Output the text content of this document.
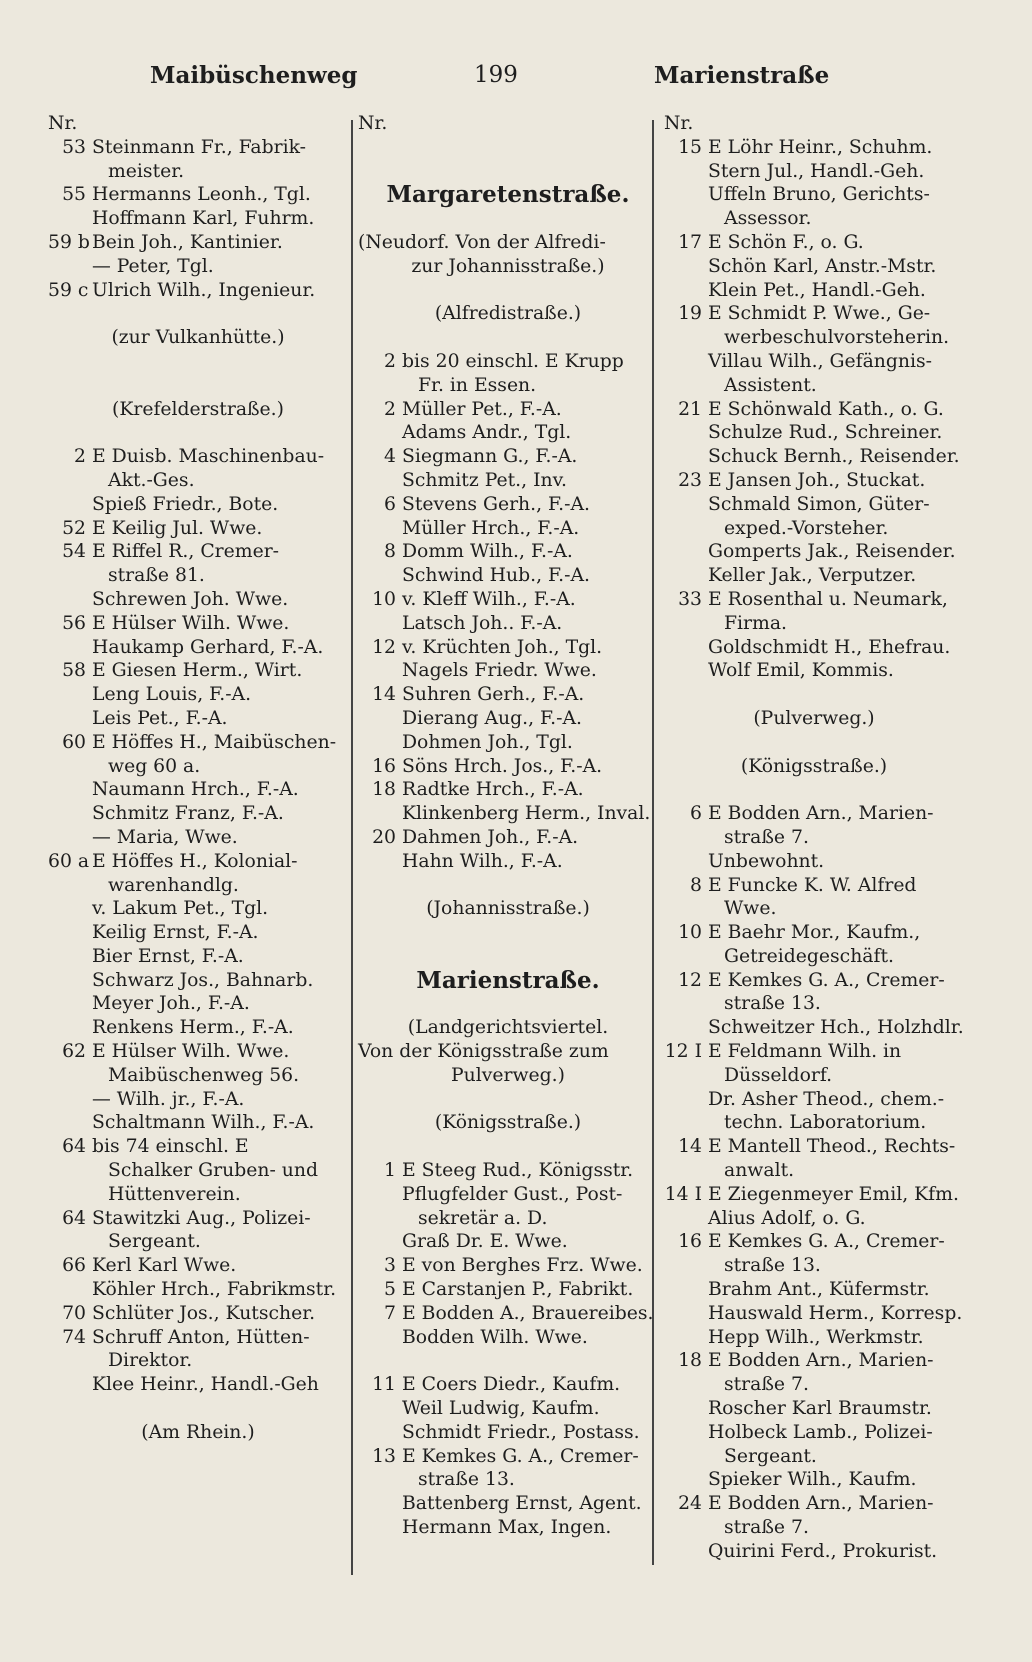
Maibüschenweg	199	Marienstraße
Nr.
53 Steinmann Fr., Fabrik-
meister.
55 Hermanns Leonh., Tgl.
Hoffmann Karl, Fuhrm.
59 b Bein Joh., Kantinier.
— Peter, Tgl.
59 c Ulrich Wilh., Ingenieur.
(zur Vulkanhütte.)
(Krefelderstraße.)
2 E Duisb. Maschinenbau-
Akt.-Ges.
Spieß Friedr., Bote.
52 E Keilig Jul. Wwe.
54 E Riffel R., Cremer-
straße 81.
Schrewen Joh. Wwe.
56 E Hülser Wilh. Wwe.
Haukamp Gerhard, F.-A.
58 E Giesen Herm., Wirt.
Leng Louis, F.-A.
Leis Pet., F.-A.
60 E Höffes H., Maibüschen-
weg 60 a.
Naumann Hrch., F.-A.
Schmitz Franz, F.-A.
— Maria, Wwe.
60 a E Höffes H., Kolonial-
warenhandlg.
v. Lakum Pet., Tgl.
Keilig Ernst, F.-A.
Bier Ernst, F.-A.
Schwarz Jos., Bahnarb.
Meyer Joh., F.-A.
Renkens Herm., F.-A.
62 E Hülser Wilh. Wwe.
Maibüschenweg 56.
— Wilh. jr., F.-A.
Schaltmann Wilh., F.-A.
64 bis 74 einschl. E
Schalker Gruben- und
Hüttenverein.
64 Stawitzki Aug., Polizei-
Sergeant.
66 Kerl Karl Wwe.
Köhler Hrch., Fabrikmstr.
70 Schlüter Jos., Kutscher.
74 Schruff Anton, Hütten-
Direktor.
Klee Heinr., Handl.-Geh
(Am Rhein.)
Nr.
Margaretenstraße.
(Neudorf. Von der Alfredi-
zur Johannisstraße.)
(Alfredistraße.)
2 bis 20 einschl. E Krupp
Fr. in Essen.
2 Müller Pet., F.-A.
Adams Andr., Tgl.
4 Siegmann G., F.-A.
Schmitz Pet., Inv.
6 Stevens Gerh., F.-A.
Müller Hrch., F.-A.
8 Domm Wilh., F.-A.
Schwind Hub., F.-A.
10 v. Kleff Wilh., F.-A.
Latsch Joh.. F.-A.
12 v. Krüchten Joh., Tgl.
Nagels Friedr. Wwe.
14 Suhren Gerh., F.-A.
Dierang Aug., F.-A.
Dohmen Joh., Tgl.
16 Söns Hrch. Jos., F.-A.
18 Radtke Hrch., F.-A.
Klinkenberg Herm., Inval.
20 Dahmen Joh., F.-A.
Hahn Wilh., F.-A.
(Johannisstraße.)
Marienstraße.
(Landgerichtsviertel.
Von der Königsstraße zum
Pulverweg.)
(Königsstraße.)
1 E Steeg Rud., Königsstr.
Pflugfelder Gust., Post-
sekretär a. D.
Graß Dr. E. Wwe.
3 E von Berghes Frz. Wwe.
5 E Carstanjen P., Fabrikt.
7 E Bodden A., Brauereibes.
Bodden Wilh. Wwe.
11 E Coers Diedr., Kaufm.
Weil Ludwig, Kaufm.
Schmidt Friedr., Postass.
13 E Kemkes G. A., Cremer-
straße 13.
Battenberg Ernst, Agent.
Hermann Max, Ingen.
Nr.
15 E Löhr Heinr., Schuhm.
Stern Jul., Handl.-Geh.
Uffeln Bruno, Gerichts-
Assessor.
17 E Schön F., o. G.
Schön Karl, Anstr.-Mstr.
Klein Pet., Handl.-Geh.
19 E Schmidt P. Wwe., Ge-
werbeschulvorsteherin.
Villau Wilh., Gefängnis-
Assistent.
21 E Schönwald Kath., o. G.
Schulze Rud., Schreiner.
Schuck Bernh., Reisender.
23 E Jansen Joh., Stuckat.
Schmald Simon, Güter-
exped.-Vorsteher.
Gomperts Jak., Reisender.
Keller Jak., Verputzer.
33 E Rosenthal u. Neumark,
Firma.
Goldschmidt H., Ehefrau.
Wolf Emil, Kommis.
(Pulverweg.)
(Königsstraße.)
6 E Bodden Arn., Marien-
straße 7.
Unbewohnt.
8 E Funcke K. W. Alfred
Wwe.
10 E Baehr Mor., Kaufm.,
Getreidegeschäft.
12 E Kemkes G. A., Cremer-
straße 13.
Schweitzer Hch., Holzhdlr.
12 I E Feldmann Wilh. in
Düsseldorf.
Dr. Asher Theod., chem.-
techn. Laboratorium.
14 E Mantell Theod., Rechts-
anwalt.
14 I E Ziegenmeyer Emil, Kfm.
Alius Adolf, o. G.
16 E Kemkes G. A., Cremer-
straße 13.
Brahm Ant., Küfermstr.
Hauswald Herm., Korresp.
Hepp Wilh., Werkmstr.
18 E Bodden Arn., Marien-
straße 7.
Roscher Karl Braumstr.
Holbeck Lamb., Polizei-
Sergeant.
Spieker Wilh., Kaufm.
24 E Bodden Arn., Marien-
straße 7.
Quirini Ferd., Prokurist.
